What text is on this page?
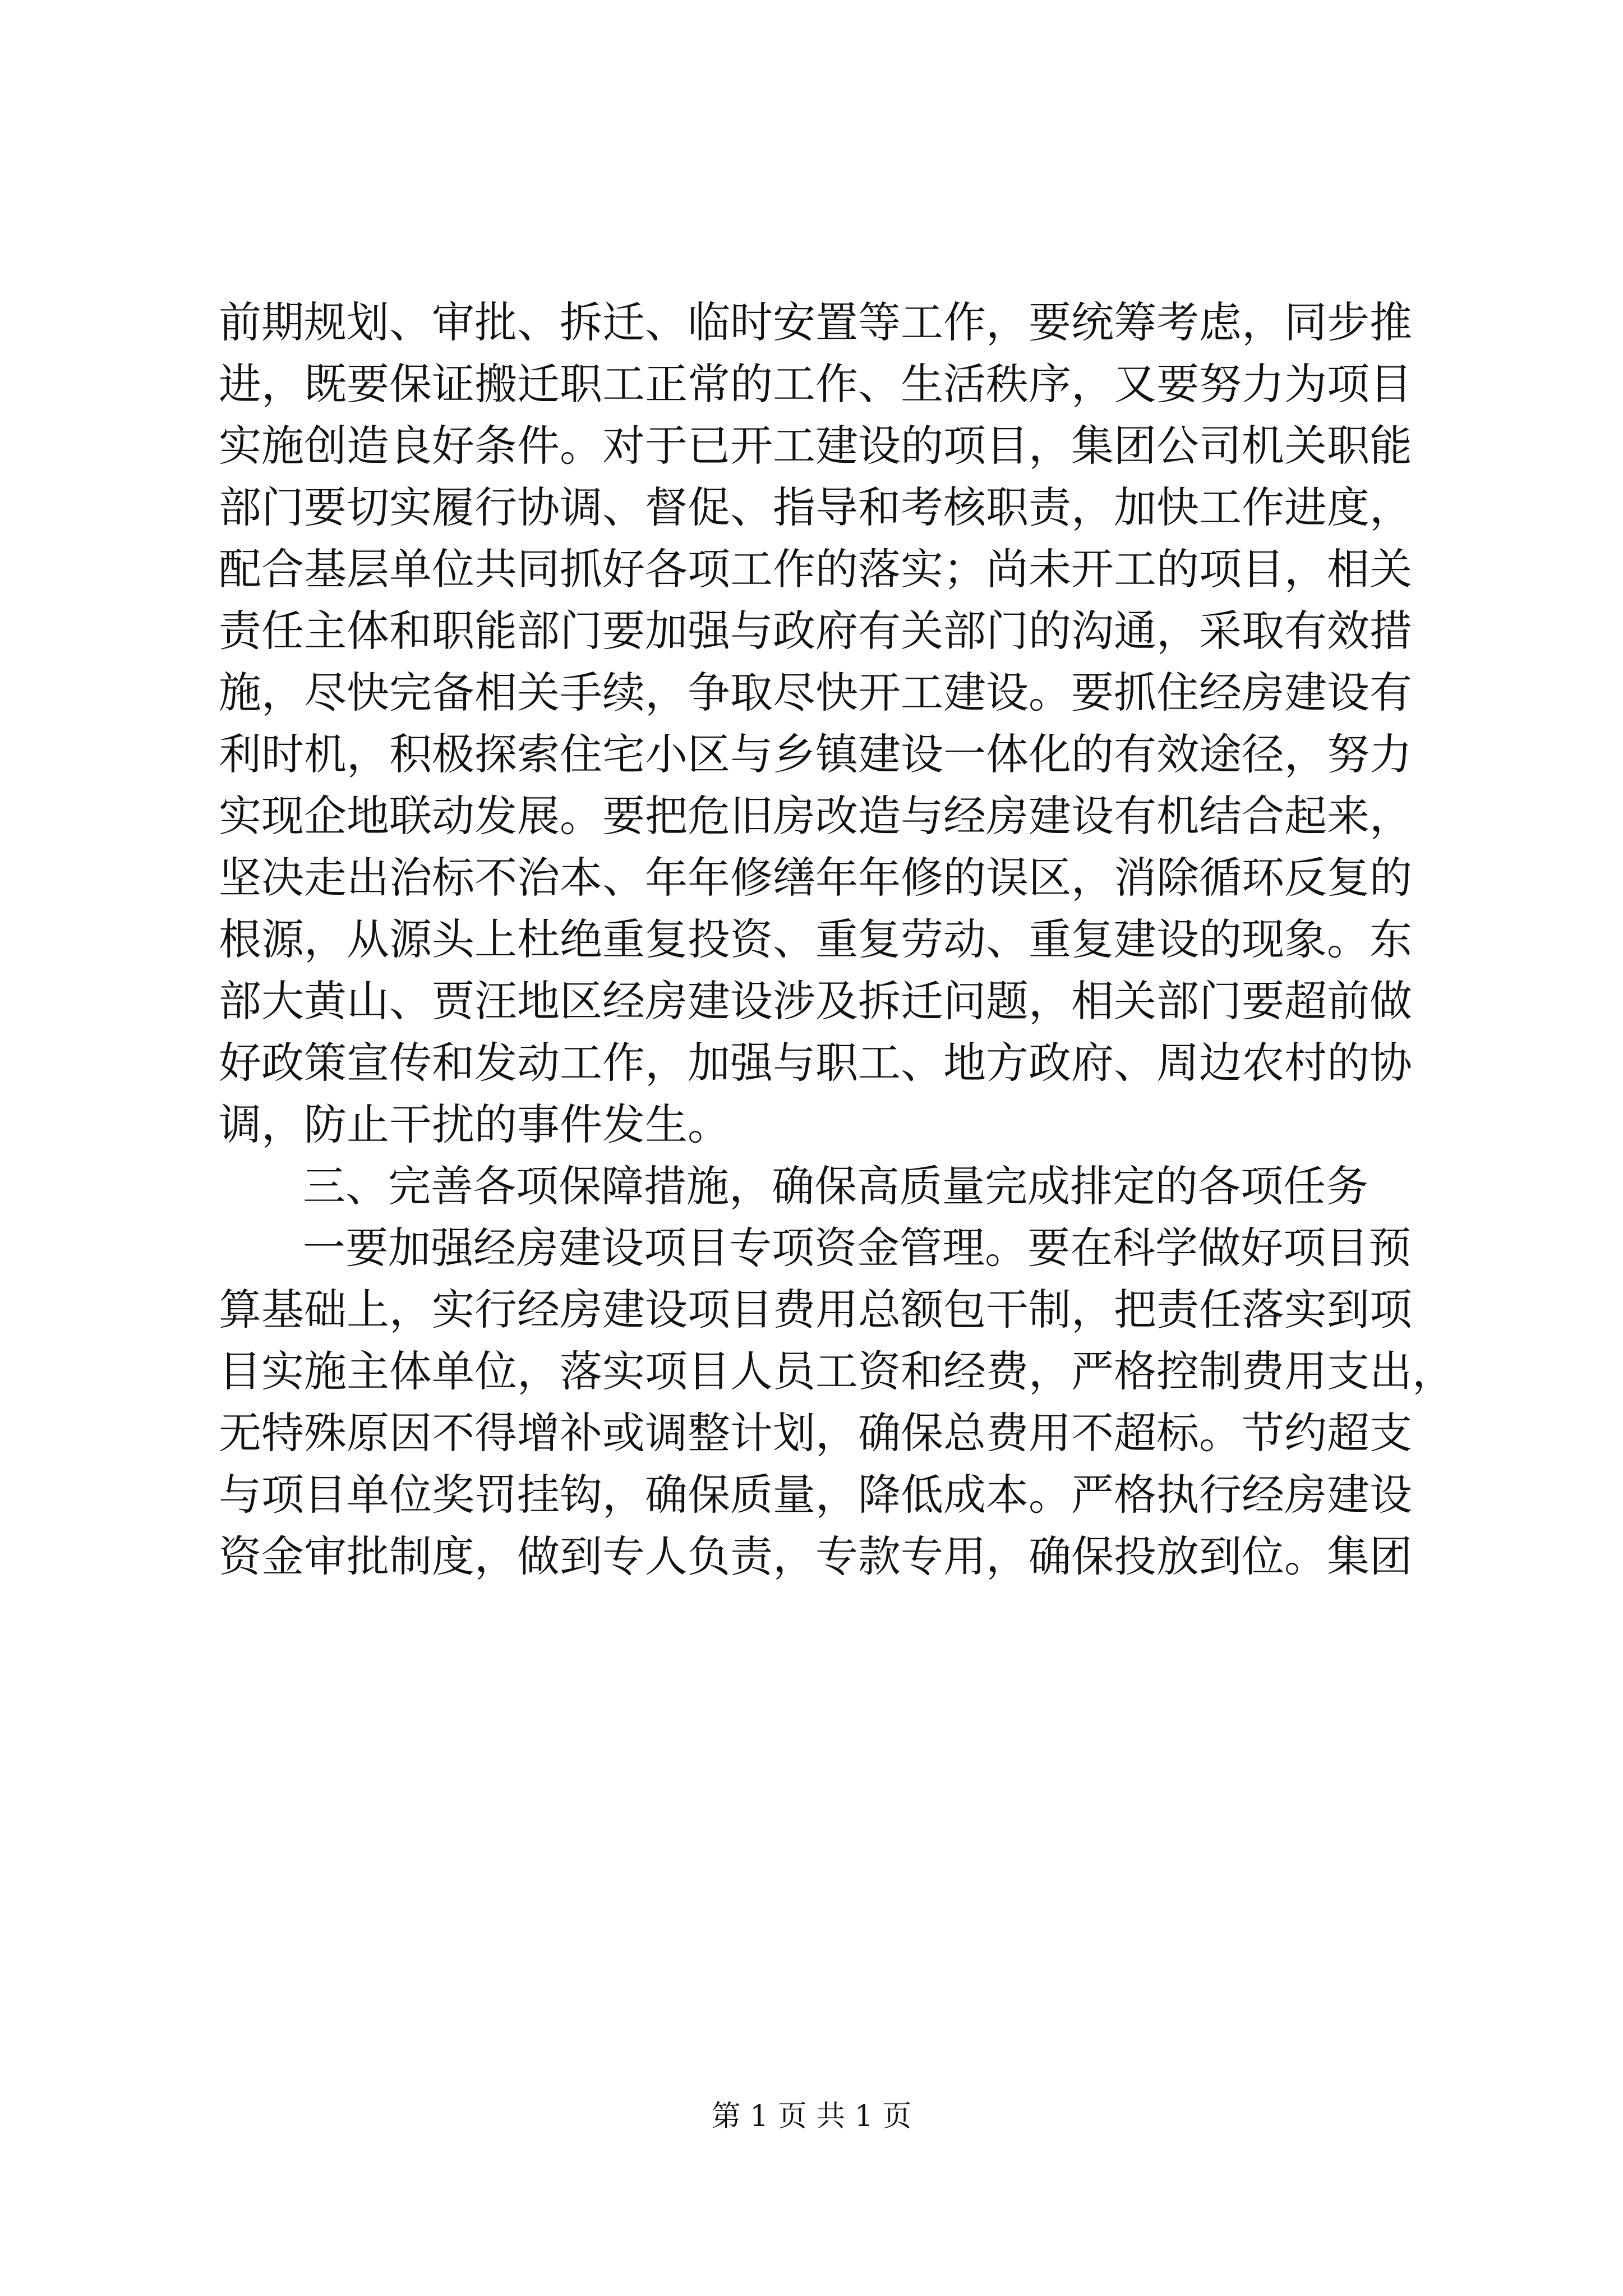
前期规划、审批、拆迁、临时安置等工作，要统筹考虑，同步推
进，既要保证搬迁职工正常的工作、生活秩序，又要努力为项目
实施创造良好条件。对于已开工建设的项目，集团公司机关职能
部门要切实履行协调、督促、指导和考核职责，加快工作进度，
配合基层单位共同抓好各项工作的落实；尚未开工的项目，相关
责任主体和职能部门要加强与政府有关部门的沟通，采取有效措
施，尽快完备相关手续，争取尽快开工建设。要抓住经房建设有
利时机，积极探索住宅小区与乡镇建设一体化的有效途径，努力
实现企地联动发展。要把危旧房改造与经房建设有机结合起来，
坚决走出治标不治本、年年修缮年年修的误区，消除循环反复的
根源，从源头上杜绝重复投资、重复劳动、重复建设的现象。东
部大黄山、贾汪地区经房建设涉及拆迁问题，相关部门要超前做
好政策宣传和发动工作，加强与职工、地方政府、周边农村的协
调，防止干扰的事件发生。
三、完善各项保障措施，确保高质量完成排定的各项任务
一要加强经房建设项目专项资金管理。要在科学做好项目预
算基础上，实行经房建设项目费用总额包干制，把责任落实到项
目实施主体单位，落实项目人员工资和经费，严格控制费用支出，
无特殊原因不得增补或调整计划，确保总费用不超标。节约超支
与项目单位奖罚挂钩，确保质量，降低成本。严格执行经房建设
资金审批制度，做到专人负责，专款专用，确保投放到位。集团
第 1 页 共 1 页
